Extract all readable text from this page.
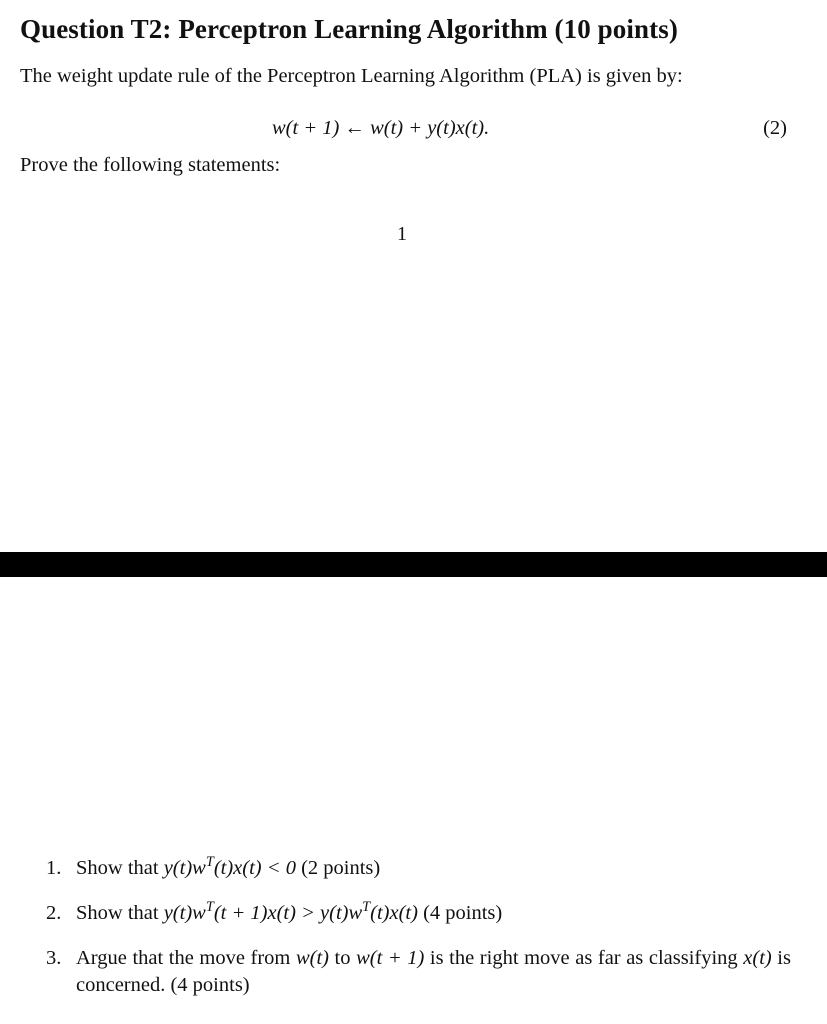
Question T2: Perceptron Learning Algorithm (10 points)
The weight update rule of the Perceptron Learning Algorithm (PLA) is given by:
w(t + 1) ← w(t) + y(t)x(t).	(2)
Prove the following statements:
1
1. Show that $y(t)w^T(t)x(t) < 0$ (2 points)
2. Show that $y(t)w^T(t + 1)x(t) > y(t)w^T(t)x(t)$ (4 points)
3. Argue that the move from w(t) to w(t + 1) is the right move as far as classifying x(t) is concerned. (4 points)
